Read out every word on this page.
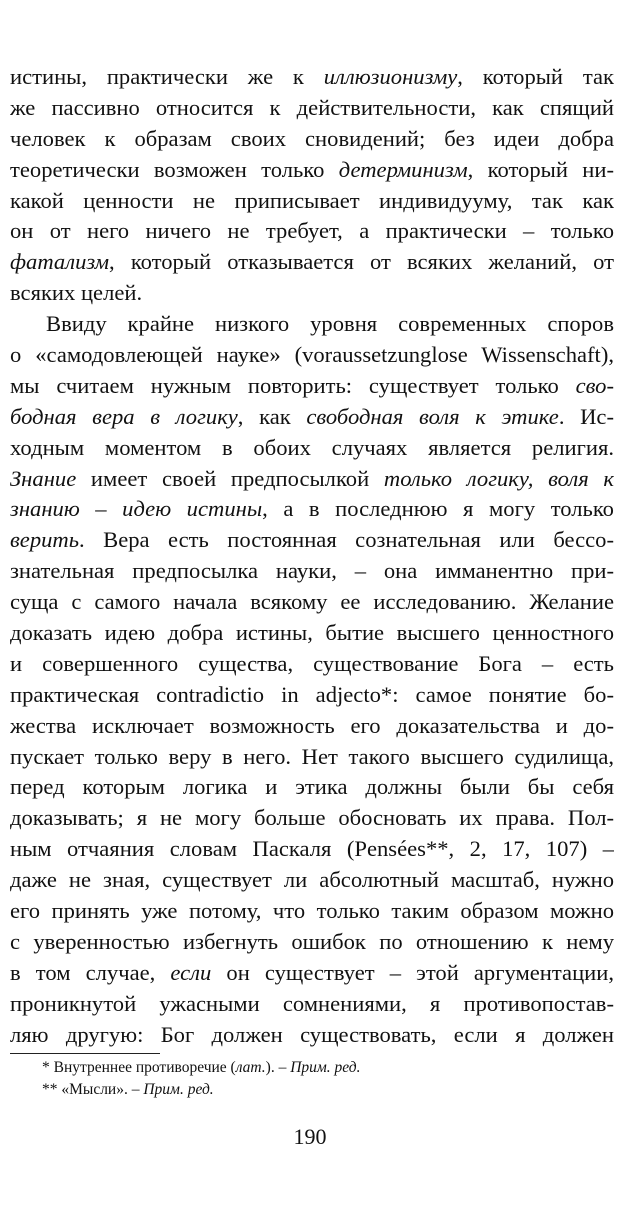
истины, практически же к иллюзионизму, который так
же пассивно относится к действительности, как спящий
человек к образам своих сновидений; без идеи добра
теоретически возможен только детерминизм, который ни-
какой ценности не приписывает индивидууму, так как
он от него ничего не требует, а практически – только
фатализм, который отказывается от всяких желаний, от
всяких целей.
Ввиду крайне низкого уровня современных споров
о «самодовлеющей науке» (voraussetzunglose Wissenschaft),
мы считаем нужным повторить: существует только сво-
бодная вера в логику, как свободная воля к этике. Ис-
ходным моментом в обоих случаях является религия.
Знание имеет своей предпосылкой только логику, воля к
знанию – идею истины, а в последнюю я могу только
верить. Вера есть постоянная сознательная или бессо-
знательная предпосылка науки, – она имманентно при-
суща с самого начала всякому ее исследованию. Желание
доказать идею добра истины, бытие высшего ценностного
и совершенного существа, существование Бога – есть
практическая contradictio in adjecto*: самое понятие бо-
жества исключает возможность его доказательства и до-
пускает только веру в него. Нет такого высшего судилища,
перед которым логика и этика должны были бы себя
доказывать; я не могу больше обосновать их права. Пол-
ным отчаяния словам Паскаля (Pensées**, 2, 17, 107) –
даже не зная, существует ли абсолютный масштаб, нужно
его принять уже потому, что только таким образом можно
с уверенностью избегнуть ошибок по отношению к нему
в том случае, если он существует – этой аргументации,
проникнутой ужасными сомнениями, я противопостав-
ляю другую: Бог должен существовать, если я должен
* Внутреннее противоречие (лат.). – Прим. ред.
** «Мысли». – Прим. ред.
190
